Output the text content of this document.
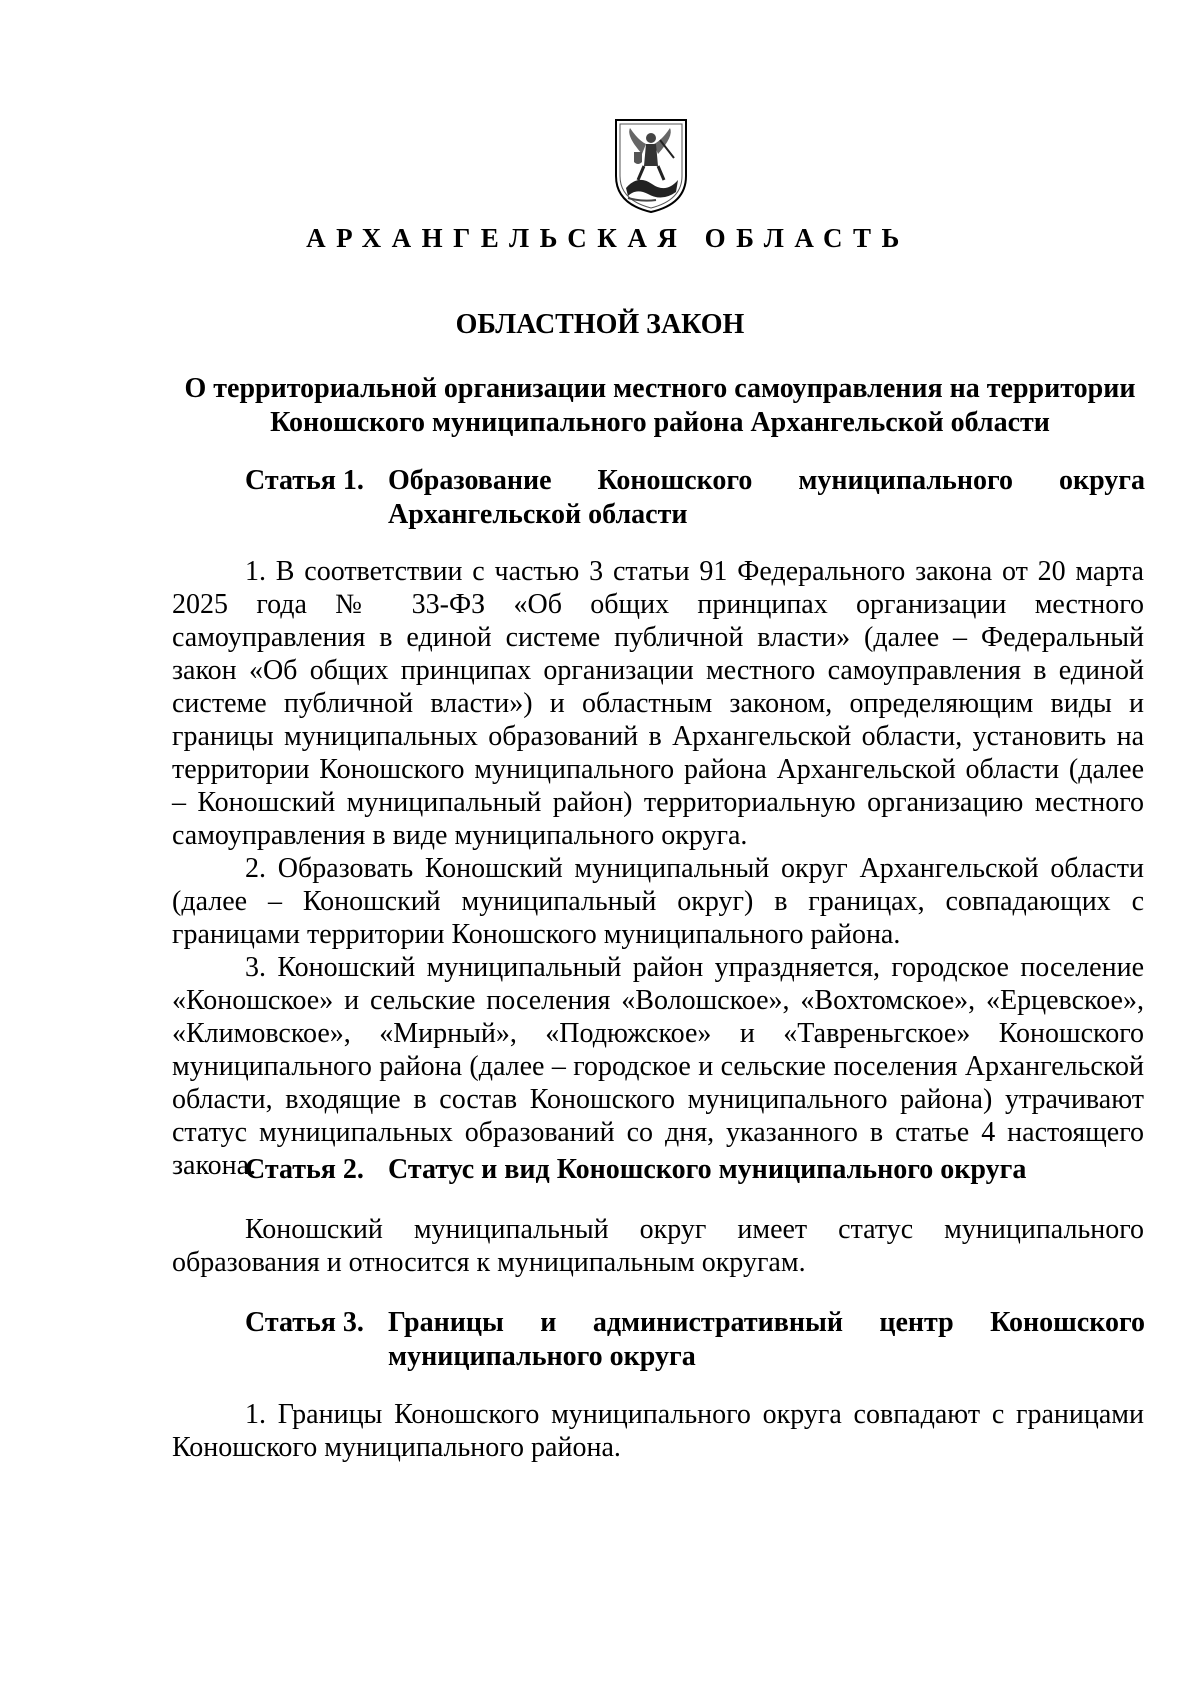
АРХАНГЕЛЬСКАЯ ОБЛАСТЬ
ОБЛАСТНОЙ ЗАКОН
О территориальной организации местного самоуправления на территории Коношского муниципального района Архангельской области
Статья 1. Образование Коношского муниципального округа Архангельской области

1. В соответствии с частью 3 статьи 91 Федерального закона от 20 марта 2025 года № 33-ФЗ «Об общих принципах организации местного самоуправления в единой системе публичной власти» (далее – Федеральный закон «Об общих принципах организации местного самоуправления в единой системе публичной власти») и областным законом, определяющим виды и границы муниципальных образований в Архангельской области, установить на территории Коношского муниципального района Архангельской области (далее – Коношский муниципальный район) территориальную организацию местного самоуправления в виде муниципального округа.

2. Образовать Коношский муниципальный округ Архангельской области (далее – Коношский муниципальный округ) в границах, совпадающих с границами территории Коношского муниципального района.

3. Коношский муниципальный район упраздняется, городское поселение «Коношское» и сельские поселения «Волошское», «Вохтомское», «Ерцевское», «Климовское», «Мирный», «Подюжское» и «Тавреньгское» Коношского муниципального района (далее – городское и сельские поселения Архангельской области, входящие в состав Коношского муниципального района) утрачивают статус муниципальных образований со дня, указанного в статье 4 настоящего закона.

Статья 2. Статус и вид Коношского муниципального округа

Коношский муниципальный округ имеет статус муниципального образования и относится к муниципальным округам.

Статья 3. Границы и административный центр Коношского муниципального округа

1. Границы Коношского муниципального округа совпадают с границами Коношского муниципального района.
